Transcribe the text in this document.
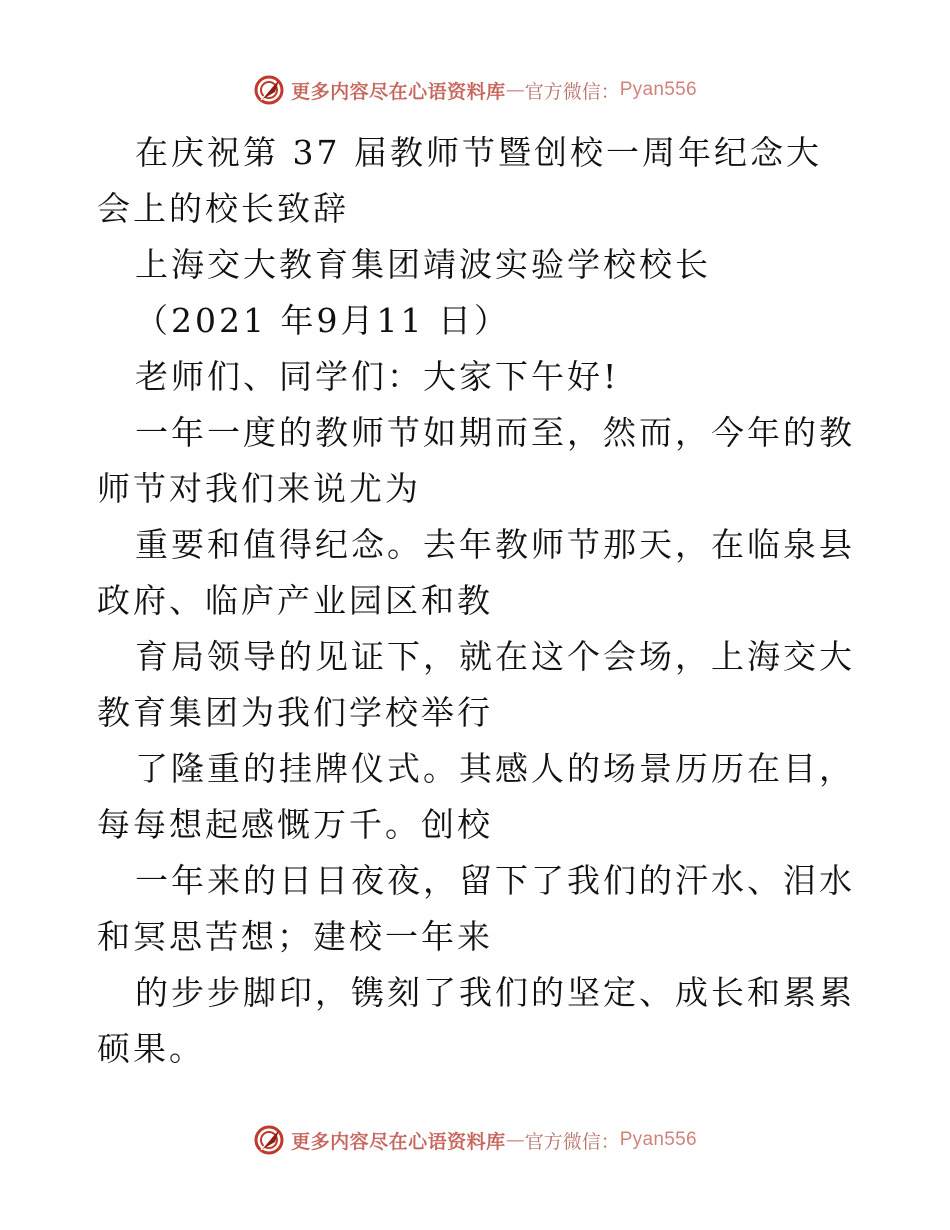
更多内容尽在心语资料库 — 官方微信： Pyan556

在庆祝第 37 届教师节暨创校一周年纪念大会上的校长致辞

上海交大教育集团靖波实验学校校长

（2021 年9月11 日）

老师们、同学们：大家下午好!

一年一度的教师节如期而至，然而，今年的教师节对我们来说尤为

重要和值得纪念。去年教师节那天，在临泉县政府、临庐产业园区和教

育局领导的见证下，就在这个会场，上海交大教育集团为我们学校举行

了隆重的挂牌仪式。其感人的场景历历在目，每每想起感慨万千。创校

一年来的日日夜夜，留下了我们的汗水、泪水和冥思苦想；建校一年来

的步步脚印，镌刻了我们的坚定、成长和累累硕果。

更多内容尽在心语资料库 — 官方微信： Pyan556
